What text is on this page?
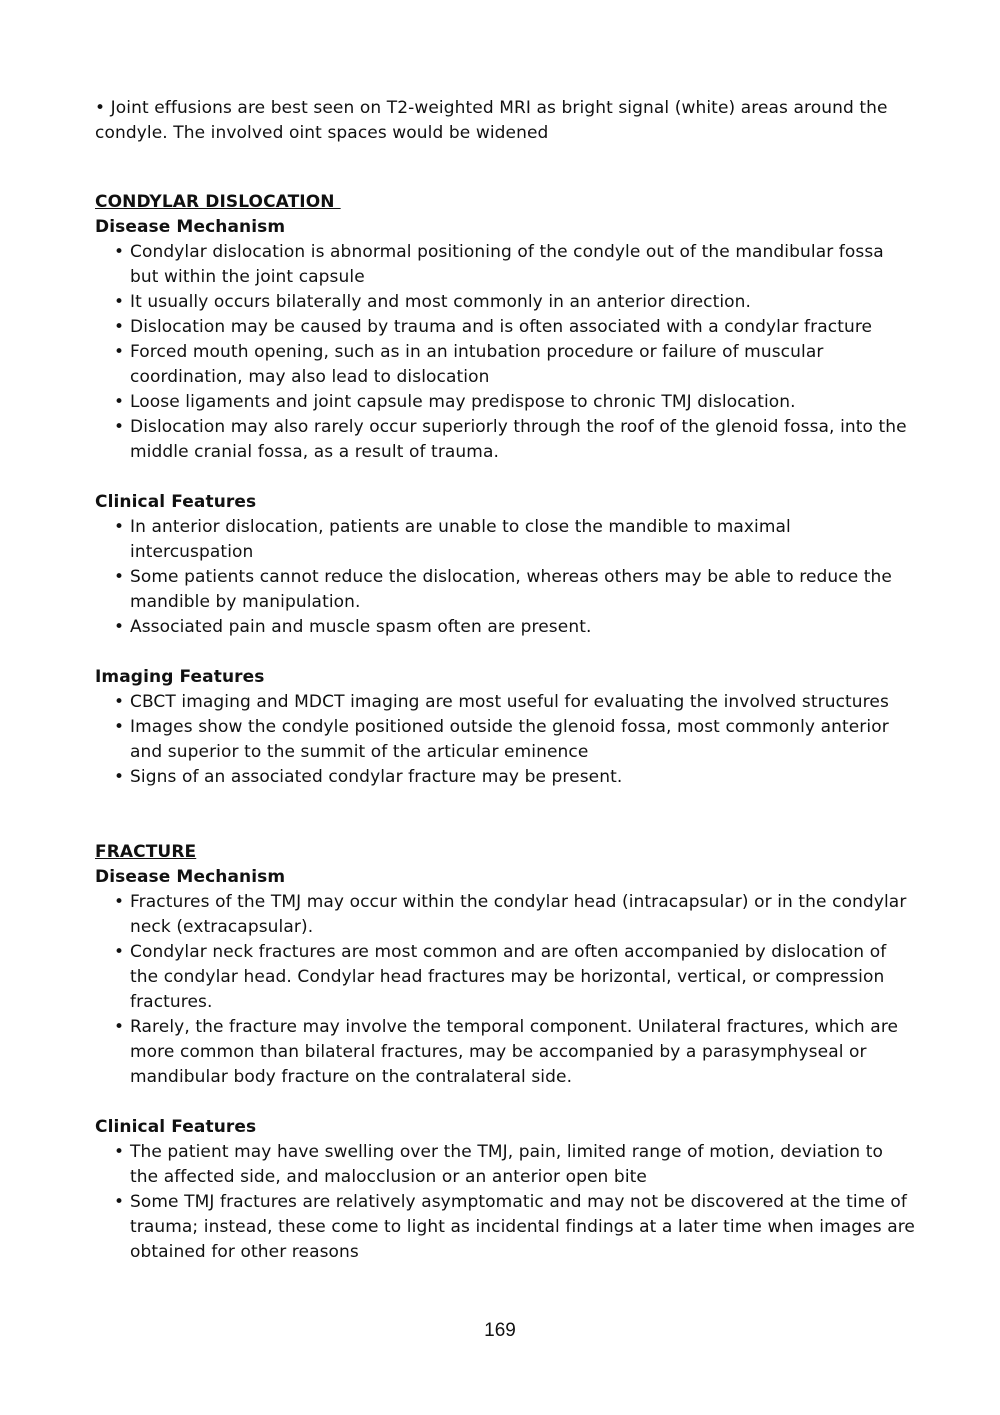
• Joint effusions are best seen on T2-weighted MRI as bright signal (white) areas around the condyle. The involved oint spaces would be widened

CONDYLAR DISLOCATION

Disease Mechanism

• Condylar dislocation is abnormal positioning of the condyle out of the mandibular fossa but within the joint capsule
• It usually occurs bilaterally and most commonly in an anterior direction.
• Dislocation may be caused by trauma and is often associated with a condylar fracture
• Forced mouth opening, such as in an intubation procedure or failure of muscular coordination, may also lead to dislocation
• Loose ligaments and joint capsule may predispose to chronic TMJ dislocation.
• Dislocation may also rarely occur superiorly through the roof of the glenoid fossa, into the middle cranial fossa, as a result of trauma.

Clinical Features

• In anterior dislocation, patients are unable to close the mandible to maximal intercuspation
• Some patients cannot reduce the dislocation, whereas others may be able to reduce the mandible by manipulation.
• Associated pain and muscle spasm often are present.

Imaging Features

• CBCT imaging and MDCT imaging are most useful for evaluating the involved structures
• Images show the condyle positioned outside the glenoid fossa, most commonly anterior and superior to the summit of the articular eminence
• Signs of an associated condylar fracture may be present.

FRACTURE

Disease Mechanism

• Fractures of the TMJ may occur within the condylar head (intracapsular) or in the condylar neck (extracapsular).
• Condylar neck fractures are most common and are often accompanied by dislocation of the condylar head. Condylar head fractures may be horizontal, vertical, or compression fractures.
• Rarely, the fracture may involve the temporal component. Unilateral fractures, which are more common than bilateral fractures, may be accompanied by a parasymphyseal or mandibular body fracture on the contralateral side.

Clinical Features

• The patient may have swelling over the TMJ, pain, limited range of motion, deviation to the affected side, and malocclusion or an anterior open bite
• Some TMJ fractures are relatively asymptomatic and may not be discovered at the time of trauma; instead, these come to light as incidental findings at a later time when images are obtained for other reasons
169
